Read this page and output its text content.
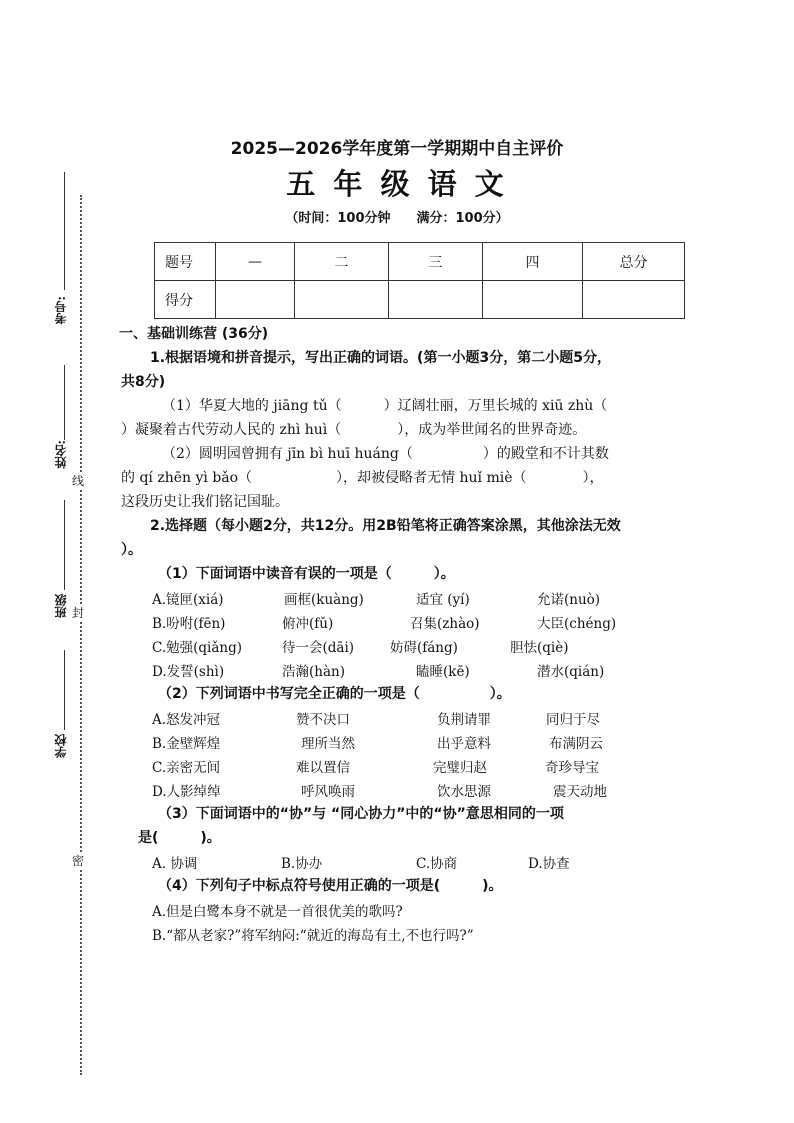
考号:
姓名:
线
班级 封
学校
密
2025—2026学年度第一学期期中自主评价
五 年 级 语 文
（时间：100分钟　　满分：100分）
题号	—	二	三	四	总分
得分					
一、基础训练营 (36分)
1.根据语境和拼音提示，写出正确的词语。(第一小题3分，第二小题5分，
共8分)
（1）华夏大地的 jiāng tǔ（　　　）辽阔壮丽，万里长城的 xiū zhù（
）凝聚着古代劳动人民的 zhì huì（　　　　），成为举世闻名的世界奇迹。
（2）圆明园曾拥有 jīn bì huī huáng（　　　　　）的殿堂和不计其数
的 qí zhēn yì bǎo（　　　　　　），却被侵略者无情 huǐ miè（　　　　），
这段历史让我们铭记国耻。
2.选择题（每小题2分，共12分。用2B铅笔将正确答案涂黑，其他涂法无效
）。
（1）下面词语中读音有误的一项是（　　　）。
A.镜匣(xiá)	画框(kuàng)	适宜 (yí)	允诺(nuò)
B.吩咐(fēn)	俯冲(fǔ)	召集(zhào)	大臣(chéng)
C.勉强(qiǎng)	待一会(dāi)	妨碍(fáng)	胆怯(qiè)
D.发誓(shì)	浩瀚(hàn)	瞌睡(kē)	潜水(qián)
（2）下列词语中书写完全正确的一项是（　　　　　）。
A.怒发冲冠	赞不决口	负荆请罪	同归于尽
B.金壁辉煌	理所当然	出乎意料	布满阴云
C.亲密无间	难以置信	完璧归赵	奇珍导宝
D.人影绰绰	呼风唤雨	饮水思源	震天动地
（3）下面词语中的“协”与 “同心协力”中的“协”意思相同的一项
是(　　　)。
A. 协调	B.协办	C.协商	D.协查
（4）下列句子中标点符号使用正确的一项是(　　　)。
A.但是白鹭本身不就是一首很优美的歌吗?
B.“都从老家?”将军纳闷:“就近的海岛有土,不也行吗?”
